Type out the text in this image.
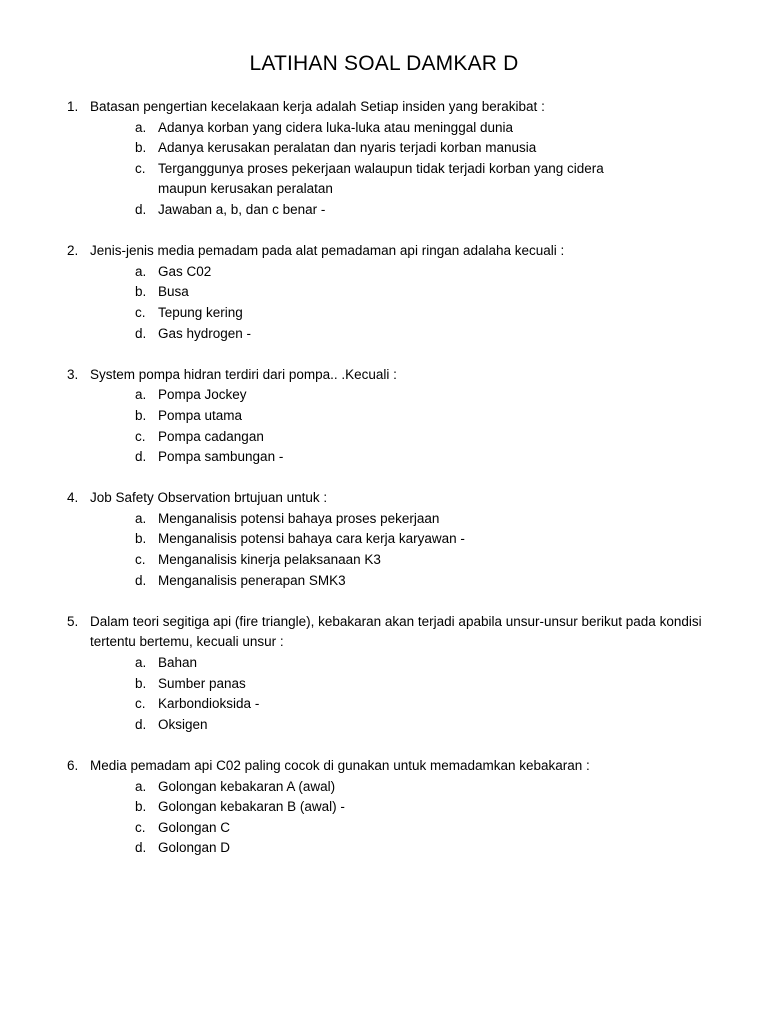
LATIHAN SOAL DAMKAR D
1. Batasan pengertian kecelakaan kerja adalah Setiap insiden yang berakibat :
a. Adanya korban yang cidera luka-luka atau meninggal dunia
b. Adanya kerusakan peralatan dan nyaris terjadi korban manusia
c. Terganggunya proses pekerjaan walaupun tidak terjadi korban yang cidera maupun kerusakan peralatan
d. Jawaban a, b, dan c benar -
2. Jenis-jenis media pemadam pada alat pemadaman api ringan adalaha kecuali :
a. Gas C02
b. Busa
c. Tepung kering
d. Gas hydrogen -
3. System pompa hidran terdiri dari pompa.. .Kecuali :
a. Pompa Jockey
b. Pompa utama
c. Pompa cadangan
d. Pompa sambungan -
4. Job Safety Observation brtujuan untuk :
a. Menganalisis potensi bahaya proses pekerjaan
b. Menganalisis potensi bahaya cara kerja karyawan -
c. Menganalisis kinerja pelaksanaan K3
d. Menganalisis penerapan SMK3
5. Dalam teori segitiga api (fire triangle), kebakaran akan terjadi apabila unsur-unsur berikut pada kondisi tertentu bertemu, kecuali unsur :
a. Bahan
b. Sumber panas
c. Karbondioksida -
d. Oksigen
6. Media pemadam api C02 paling cocok di gunakan untuk memadamkan kebakaran :
a. Golongan kebakaran A (awal)
b. Golongan kebakaran B (awal) -
c. Golongan C
d. Golongan D
